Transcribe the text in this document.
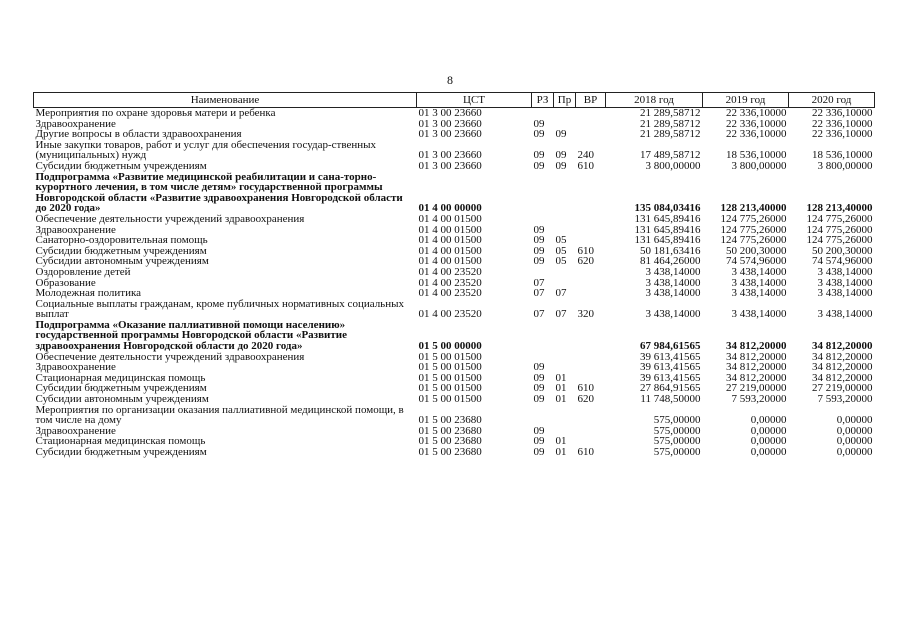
8
Наименование	ЦСТ	РЗ	Пр	ВР	2018 год	2019 год	2020 год
Мероприятия по охране здоровья матери и ребенка	01 3 00 23660				21 289,58712	22 336,10000	22 336,10000
Здравоохранение	01 3 00 23660	09			21 289,58712	22 336,10000	22 336,10000
Другие вопросы в области здравоохранения	01 3 00 23660	09	09		21 289,58712	22 336,10000	22 336,10000
Иные закупки товаров, работ и услуг для обеспечения государ-ственных (муниципальных) нужд	01 3 00 23660	09	09	240	17 489,58712	18 536,10000	18 536,10000
Субсидии бюджетным учреждениям	01 3 00 23660	09	09	610	3 800,00000	3 800,00000	3 800,00000
Подпрограмма «Развитие медицинской реабилитации и сана-торно-курортного лечения, в том числе детям» государственной программы Новгородской области «Развитие здравоохранения Новгородской области до 2020 года»	01 4 00 00000				135 084,03416	128 213,40000	128 213,40000
Обеспечение деятельности учреждений здравоохранения	01 4 00 01500				131 645,89416	124 775,26000	124 775,26000
Здравоохранение	01 4 00 01500	09			131 645,89416	124 775,26000	124 775,26000
Санаторно-оздоровительная помощь	01 4 00 01500	09	05		131 645,89416	124 775,26000	124 775,26000
Субсидии бюджетным учреждениям	01 4 00 01500	09	05	610	50 181,63416	50 200,30000	50 200,30000
Субсидии автономным учреждениям	01 4 00 01500	09	05	620	81 464,26000	74 574,96000	74 574,96000
Оздоровление детей	01 4 00 23520				3 438,14000	3 438,14000	3 438,14000
Образование	01 4 00 23520	07			3 438,14000	3 438,14000	3 438,14000
Молодежная политика	01 4 00 23520	07	07		3 438,14000	3 438,14000	3 438,14000
Социальные выплаты гражданам, кроме публичных нормативных социальных выплат	01 4 00 23520	07	07	320	3 438,14000	3 438,14000	3 438,14000
Подпрограмма «Оказание паллиативной помощи населению» государственной программы Новгородской области «Развитие здравоохранения Новгородской области до 2020 года»	01 5 00 00000				67 984,61565	34 812,20000	34 812,20000
Обеспечение деятельности учреждений здравоохранения	01 5 00 01500				39 613,41565	34 812,20000	34 812,20000
Здравоохранение	01 5 00 01500	09			39 613,41565	34 812,20000	34 812,20000
Стационарная медицинская помощь	01 5 00 01500	09	01		39 613,41565	34 812,20000	34 812,20000
Субсидии бюджетным учреждениям	01 5 00 01500	09	01	610	27 864,91565	27 219,00000	27 219,00000
Субсидии автономным учреждениям	01 5 00 01500	09	01	620	11 748,50000	7 593,20000	7 593,20000
Мероприятия по организации оказания паллиативной медицинской помощи, в том числе на дому	01 5 00 23680				575,00000	0,00000	0,00000
Здравоохранение	01 5 00 23680	09			575,00000	0,00000	0,00000
Стационарная медицинская помощь	01 5 00 23680	09	01		575,00000	0,00000	0,00000
Субсидии бюджетным учреждениям	01 5 00 23680	09	01	610	575,00000	0,00000	0,00000
